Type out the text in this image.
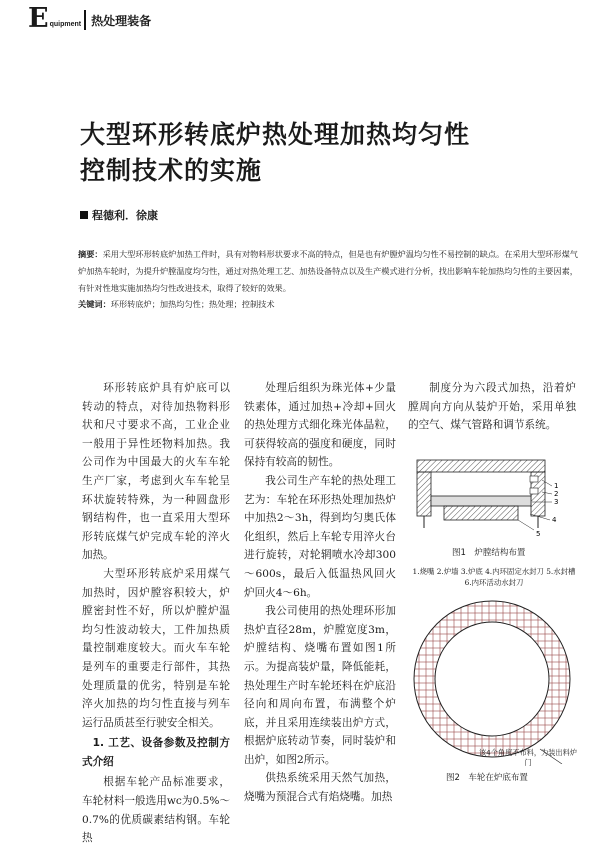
E quipment 热处理装备
大型环形转底炉热处理加热均匀性
控制技术的实施
程德利．徐康
摘要：采用大型环形转底炉加热工件时，具有对物料形状要求不高的特点，但是也有炉膛炉温均匀性不易控制的缺点。在采用大型环形煤气炉加热车轮时，为提升炉膛温度均匀性，通过对热处理工艺、加热设备特点以及生产模式进行分析，找出影响车轮加热均匀性的主要因素，有针对性地实施加热均匀性改进技术，取得了较好的效果。
关键词：环形转底炉；加热均匀性；热处理；控制技术

环形转底炉具有炉底可以转动的特点，对待加热物料形状和尺寸要求不高，工业企业一般用于异性坯物料加热。我公司作为中国最大的火车车轮生产厂家，考虑到火车车轮呈环状旋转特殊，为一种圆盘形钢结构件，也一直采用大型环形转底煤气炉完成车轮的淬火加热。

大型环形转底炉采用煤气加热时，因炉膛容积较大，炉膛密封性不好，所以炉膛炉温均匀性波动较大，工件加热质量控制难度较大。而火车车轮是列车的重要走行部件，其热处理质量的优劣，特别是车轮淬火加热的均匀性直接与列车运行品质甚至行驶安全相关。

1. 工艺、设备参数及控制方式介绍

根据车轮产品标准要求，车轮材料一般选用wc为0.5%～0.7%的优质碳素结构钢。车轮热

处理后组织为珠光体+少量铁素体，通过加热+冷却+回火的热处理方式细化珠光体晶粒，可获得较高的强度和硬度，同时保持有较高的韧性。

我公司生产车轮的热处理工艺为：车轮在环形热处理加热炉中加热2～3h，得到均匀奥氏体化组织，然后上车轮专用淬火台进行旋转，对轮辋喷水冷却300～600s，最后入低温热风回火炉回火4～6h。

我公司使用的热处理环形加热炉直径28m，炉膛宽度3m，炉膛结构、烧嘴布置如图1所示。为提高装炉量，降低能耗，热处理生产时车轮坯料在炉底沿径向和周向布置，布满整个炉底，并且采用连续装出炉方式，根据炉底转动节奏，同时装炉和出炉，如图2所示。

供热系统采用天然气加热，烧嘴为预混合式有焰烧嘴。加热

制度分为六段式加热，沿着炉膛周向方向从装炉开始，采用单独的空气、煤气管路和调节系统。

1
2
3
4
5
图1　炉膛结构布置
1.烧嘴 2.炉墙 3.炉底 4.内环固定水封刀 5.水封槽 6.内环活动水封刀
该4个角度不布料，为装出料炉门
图2　车轮在炉底布置
